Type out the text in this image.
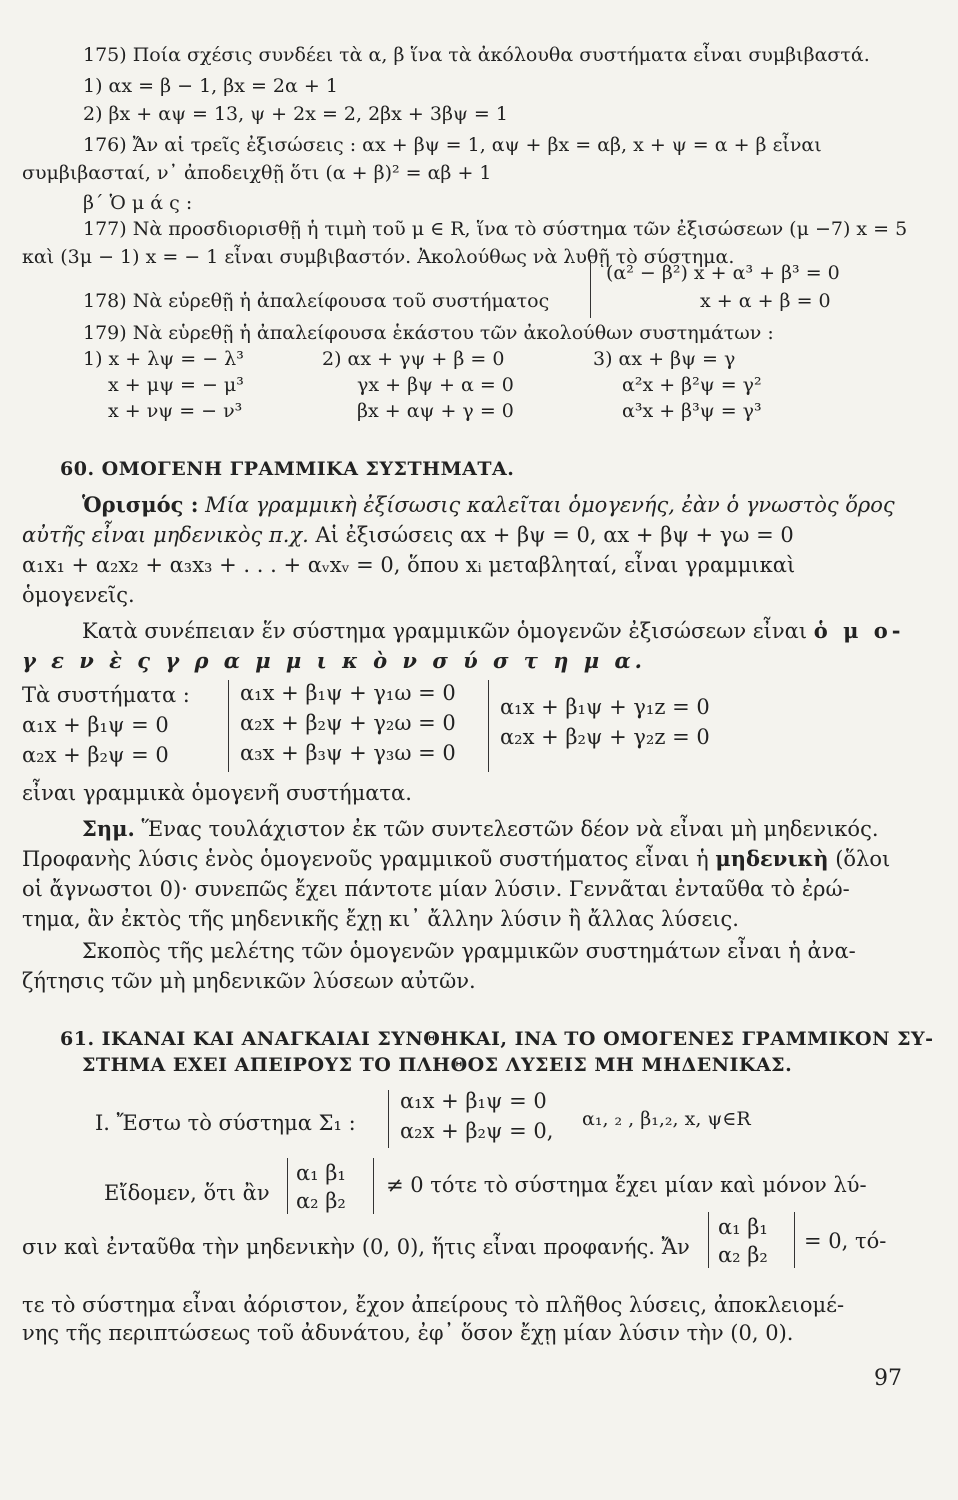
175) Ποία σχέσις συνδέει τὰ α, β ἵνα τὰ ἀκόλουθα συστήματα εἶναι συμβιβαστά.
1) αx = β − 1, βx = 2α + 1
2) βx + αψ = 13, ψ + 2x = 2, 2βx + 3βψ = 1
176) Ἄν αἱ τρεῖς ἐξισώσεις : αx + βψ = 1, αψ + βx = αβ, x + ψ = α + β εἶναι
συμβιβασταί, ν᾿ ἀποδειχθῇ ὅτι (α + β)² = αβ + 1
β΄ Ὁ μ ά ς :
177) Νὰ προσδιορισθῇ ἡ τιμὴ τοῦ μ ∈ R, ἵνα τὸ σύστημα τῶν ἐξισώσεων (μ −7) x = 5
καὶ (3μ − 1) x = − 1 εἶναι συμβιβαστόν. Ἀκολούθως νὰ λυθῇ τὸ σύστημα.
178) Νὰ εὑρεθῇ ἡ ἀπαλείφουσα τοῦ συστήματος
(α² − β²) x + α³ + β³ = 0
x + α + β = 0
179) Νὰ εὑρεθῇ ἡ ἀπαλείφουσα ἑκάστου τῶν ἀκολούθων συστημάτων :
1) x + λψ = − λ³
x + μψ = − μ³
x + νψ = − ν³
2) αx + γψ + β = 0
γx + βψ + α = 0
βx + αψ + γ = 0
3) αx + βψ = γ
α²x + β²ψ = γ²
α³x + β³ψ = γ³
60. ΟΜΟΓΕΝΗ ΓΡΑΜΜΙΚΑ ΣΥΣΤΗΜΑΤΑ.
Ὁρισμός : Μία γραμμικὴ ἐξίσωσις καλεῖται ὁμογενής, ἐὰν ὁ γνωστὸς ὅρος
αὐτῆς εἶναι μηδενικὸς π.χ. Αἱ ἐξισώσεις αx + βψ = 0, αx + βψ + γω = 0
α₁x₁ + α₂x₂ + α₃x₃ + . . . + αᵥxᵥ = 0, ὅπου xᵢ μεταβληταί, εἶναι γραμμικαὶ
ὁμογενεῖς.
Κατὰ συνέπειαν ἕν σύστημα γραμμικῶν ὁμογενῶν ἐξισώσεων εἶναι ὁ μ ο-
γ ε ν ὲ ς γ ρ α μ μ ι κ ὸ ν σ ύ σ τ η μ α.
Τὰ συστήματα :
α₁x + β₁ψ = 0
α₂x + β₂ψ = 0
α₁x + β₁ψ + γ₁ω = 0
α₂x + β₂ψ + γ₂ω = 0
α₃x + β₃ψ + γ₃ω = 0
α₁x + β₁ψ + γ₁z = 0
α₂x + β₂ψ + γ₂z = 0
εἶναι γραμμικὰ ὁμογενῆ συστήματα.
Σημ. Ἕνας τουλάχιστον ἐκ τῶν συντελεστῶν δέον νὰ εἶναι μὴ μηδενικός.
Προφανὴς λύσις ἑνὸς ὁμογενοῦς γραμμικοῦ συστήματος εἶναι ἡ μηδενικὴ (ὅλοι
οἱ ἄγνωστοι 0)· συνεπῶς ἔχει πάντοτε μίαν λύσιν. Γεννᾶται ἐνταῦθα τὸ ἐρώ-
τημα, ἂν ἐκτὸς τῆς μηδενικῆς ἔχῃ κι᾿ ἄλλην λύσιν ἢ ἄλλας λύσεις.
Σκοπὸς τῆς μελέτης τῶν ὁμογενῶν γραμμικῶν συστημάτων εἶναι ἡ ἀνα-
ζήτησις τῶν μὴ μηδενικῶν λύσεων αὐτῶν.
61. ΙΚΑΝΑΙ ΚΑΙ ΑΝΑΓΚΑΙΑΙ ΣΥΝΘΗΚΑΙ, ΙΝΑ ΤΟ ΟΜΟΓΕΝΕΣ ΓΡΑΜΜΙΚΟΝ ΣΥ-
ΣΤΗΜΑ ΕΧΕΙ ΑΠΕΙΡΟΥΣ ΤΟ ΠΛΗΘΟΣ ΛΥΣΕΙΣ ΜΗ ΜΗΔΕΝΙΚΑΣ.
I. Ἔστω τὸ σύστημα Σ₁ :
α₁x + β₁ψ = 0
α₂x + β₂ψ = 0, α₁, ₂ , β₁,₂, x, ψ∈R
Εἴδομεν, ὅτι ἂν
α₁ β₁
α₂ β₂
≠ 0 τότε τὸ σύστημα ἔχει μίαν καὶ μόνον λύ-
σιν καὶ ἐνταῦθα τὴν μηδενικὴν (0, 0), ἥτις εἶναι προφανής. Ἄν
α₁ β₁
α₂ β₂
= 0, τό-
τε τὸ σύστημα εἶναι ἀόριστον, ἔχον ἀπείρους τὸ πλῆθος λύσεις, ἀποκλειομέ-
νης τῆς περιπτώσεως τοῦ ἀδυνάτου, ἐφ᾿ ὅσον ἔχῃ μίαν λύσιν τὴν (0, 0).
97
